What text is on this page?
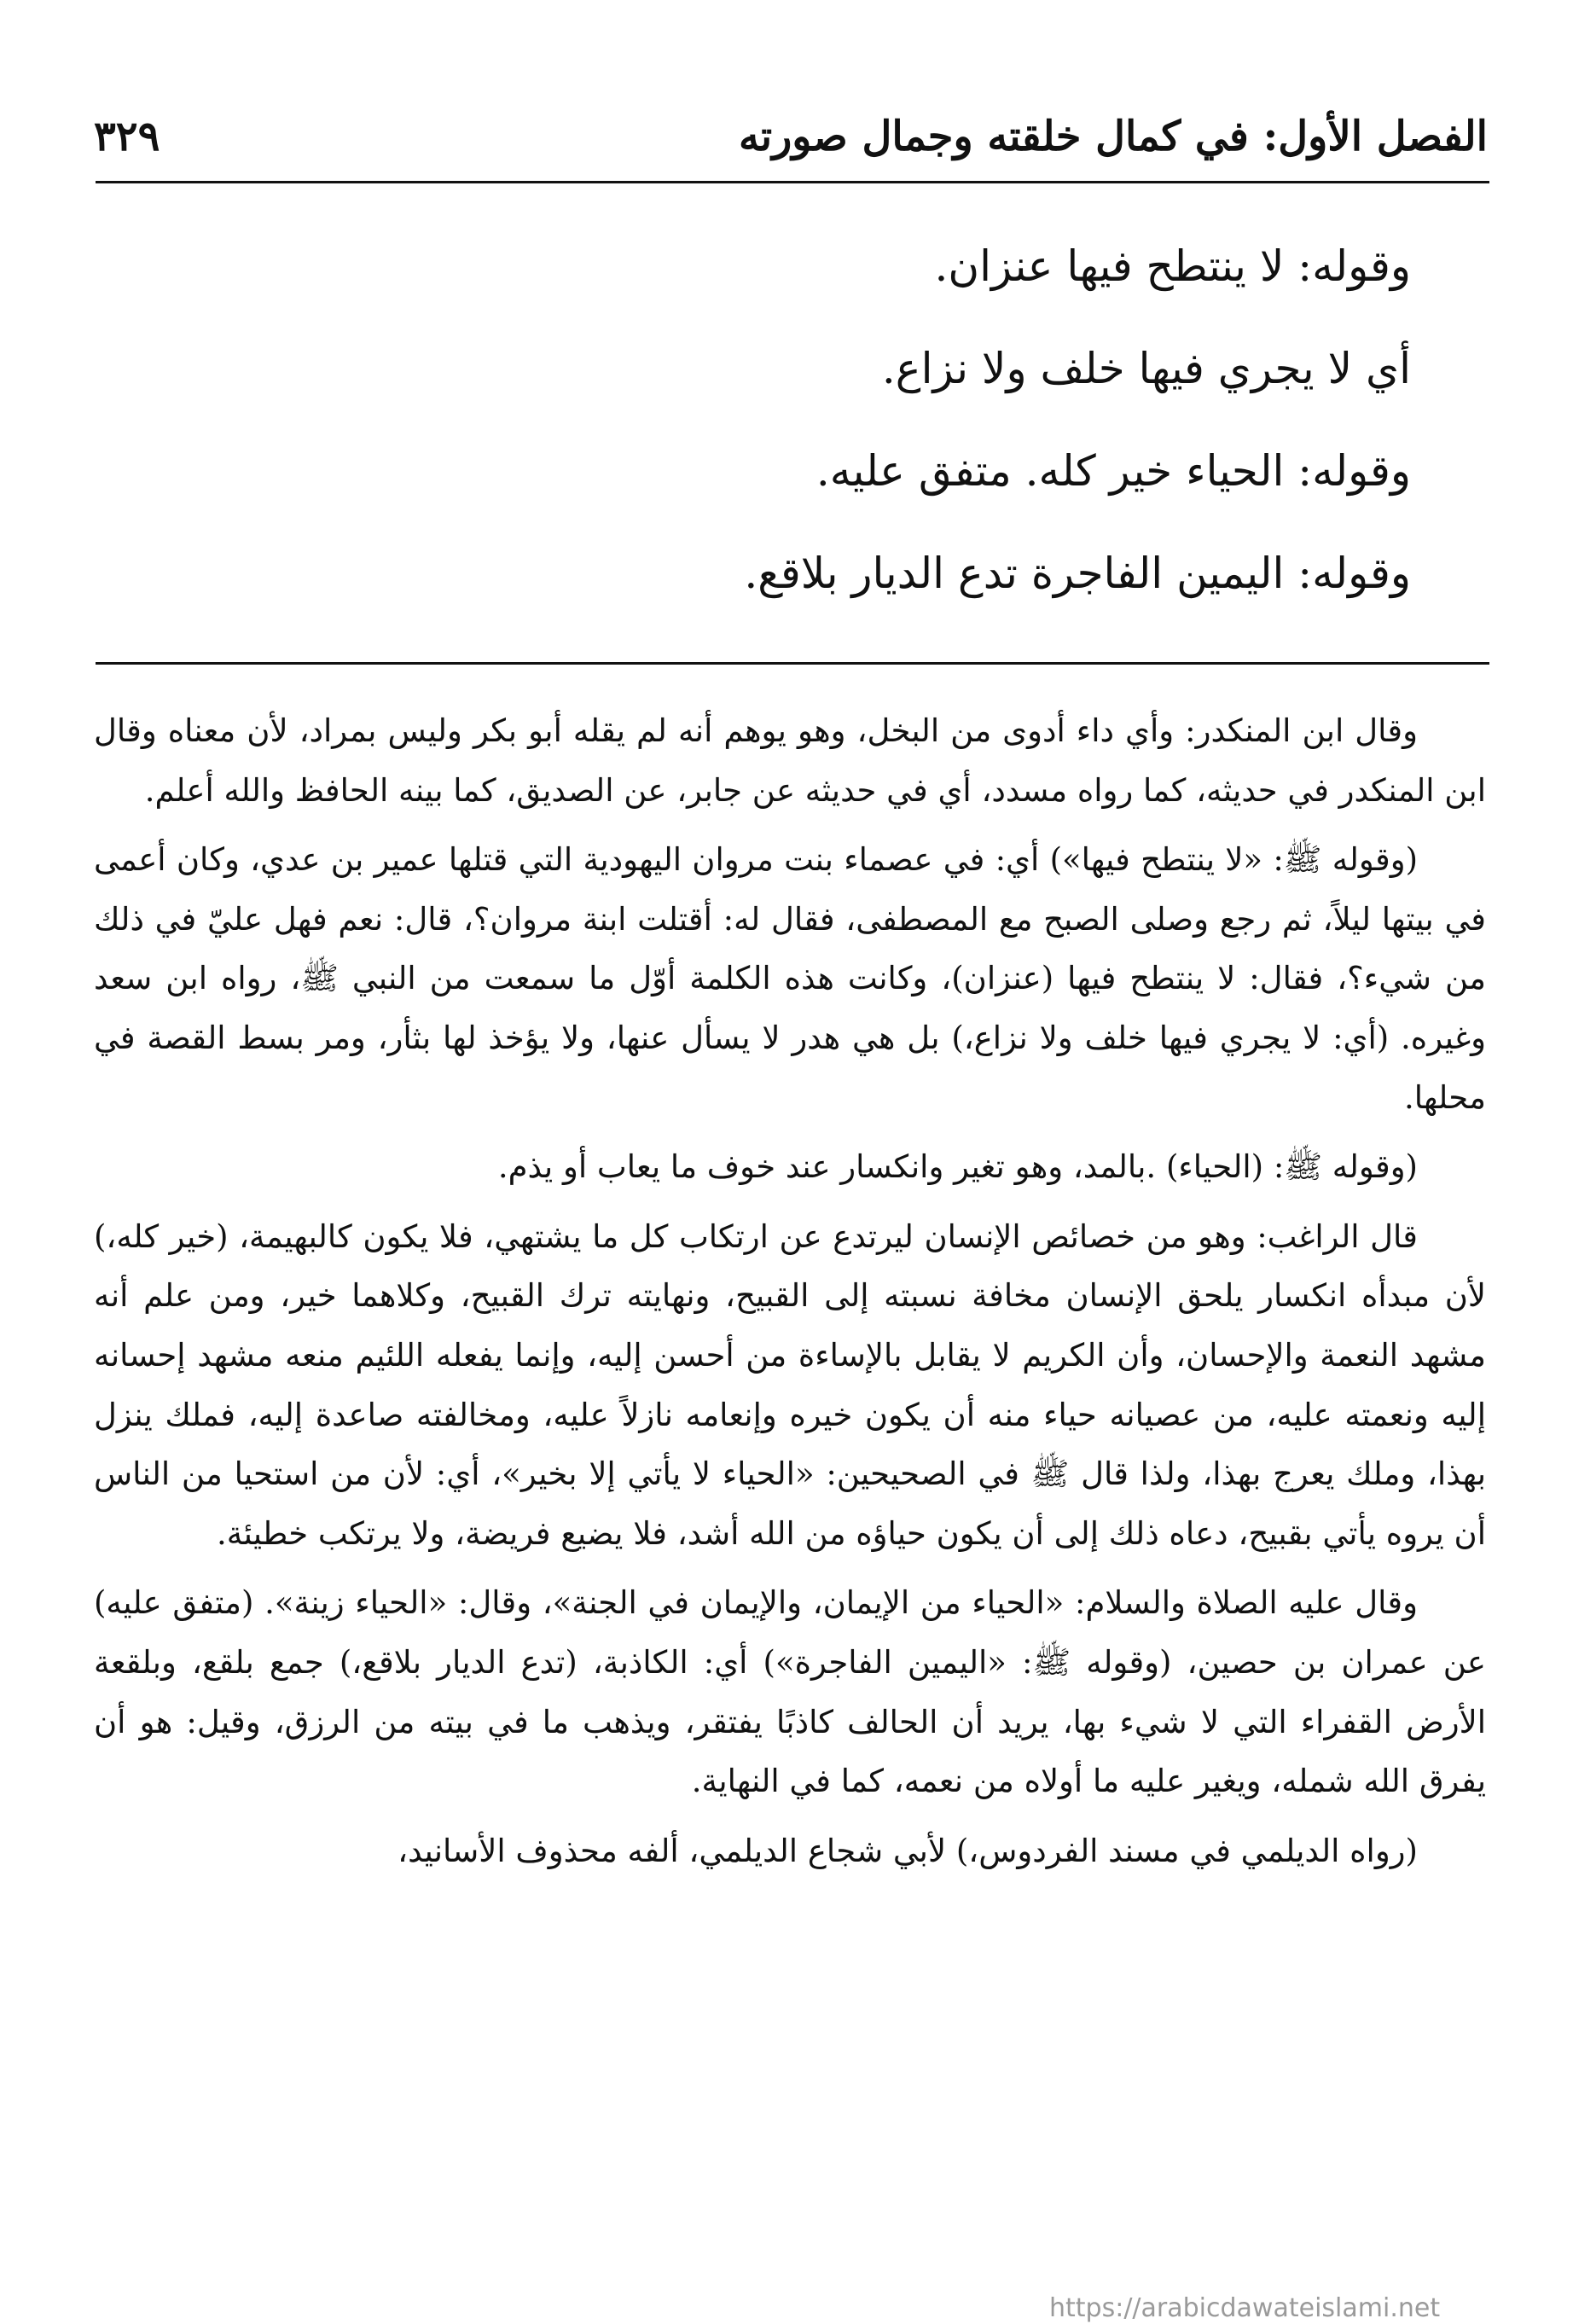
الفصل الأول: في كمال خلقته وجمال صورته
٣٢٩
وقوله: لا ينتطح فيها عنزان.
أي لا يجري فيها خلف ولا نزاع.
وقوله: الحياء خير كله. متفق عليه.
وقوله: اليمين الفاجرة تدع الديار بلاقع.

وقال ابن المنكدر: وأي داء أدوى من البخل، وهو يوهم أنه لم يقله أبو بكر وليس بمراد، لأن معناه وقال ابن المنكدر في حديثه، كما رواه مسدد، أي في حديثه عن جابر، عن الصديق، كما بينه الحافظ والله أعلم.

(وقوله ﷺ: «لا ينتطح فيها») أي: في عصماء بنت مروان اليهودية التي قتلها عمير بن عدي، وكان أعمى في بيتها ليلاً، ثم رجع وصلى الصبح مع المصطفى، فقال له: أقتلت ابنة مروان؟، قال: نعم فهل عليّ في ذلك من شيء؟، فقال: لا ينتطح فيها (عنزان)، وكانت هذه الكلمة أوّل ما سمعت من النبي ﷺ، رواه ابن سعد وغيره. (أي: لا يجري فيها خلف ولا نزاع،) بل هي هدر لا يسأل عنها، ولا يؤخذ لها بثأر، ومر بسط القصة في محلها.

(وقوله ﷺ: (الحياء) .بالمد، وهو تغير وانكسار عند خوف ما يعاب أو يذم.

قال الراغب: وهو من خصائص الإنسان ليرتدع عن ارتكاب كل ما يشتهي، فلا يكون كالبهيمة، (خير كله،) لأن مبدأه انكسار يلحق الإنسان مخافة نسبته إلى القبيح، ونهايته ترك القبيح، وكلاهما خير، ومن علم أنه مشهد النعمة والإحسان، وأن الكريم لا يقابل بالإساءة من أحسن إليه، وإنما يفعله اللئيم منعه مشهد إحسانه إليه ونعمته عليه، من عصيانه حياء منه أن يكون خيره وإنعامه نازلاً عليه، ومخالفته صاعدة إليه، فملك ينزل بهذا، وملك يعرج بهذا، ولذا قال ﷺ في الصحيحين: «الحياء لا يأتي إلا بخير»، أي: لأن من استحيا من الناس أن يروه يأتي بقبيح، دعاه ذلك إلى أن يكون حياؤه من الله أشد، فلا يضيع فريضة، ولا يرتكب خطيئة.

وقال عليه الصلاة والسلام: «الحياء من الإيمان، والإيمان في الجنة»، وقال: «الحياء زينة». (متفق عليه) عن عمران بن حصين، (وقوله ﷺ: «اليمين الفاجرة») أي: الكاذبة، (تدع الديار بلاقع،) جمع بلقع، وبلقعة الأرض القفراء التي لا شيء بها، يريد أن الحالف كاذبًا يفتقر، ويذهب ما في بيته من الرزق، وقيل: هو أن يفرق الله شمله، ويغير عليه ما أولاه من نعمه، كما في النهاية.

(رواه الديلمي في مسند الفردوس،) لأبي شجاع الديلمي، ألفه محذوف الأسانيد،

https://arabicdawateislami.net
